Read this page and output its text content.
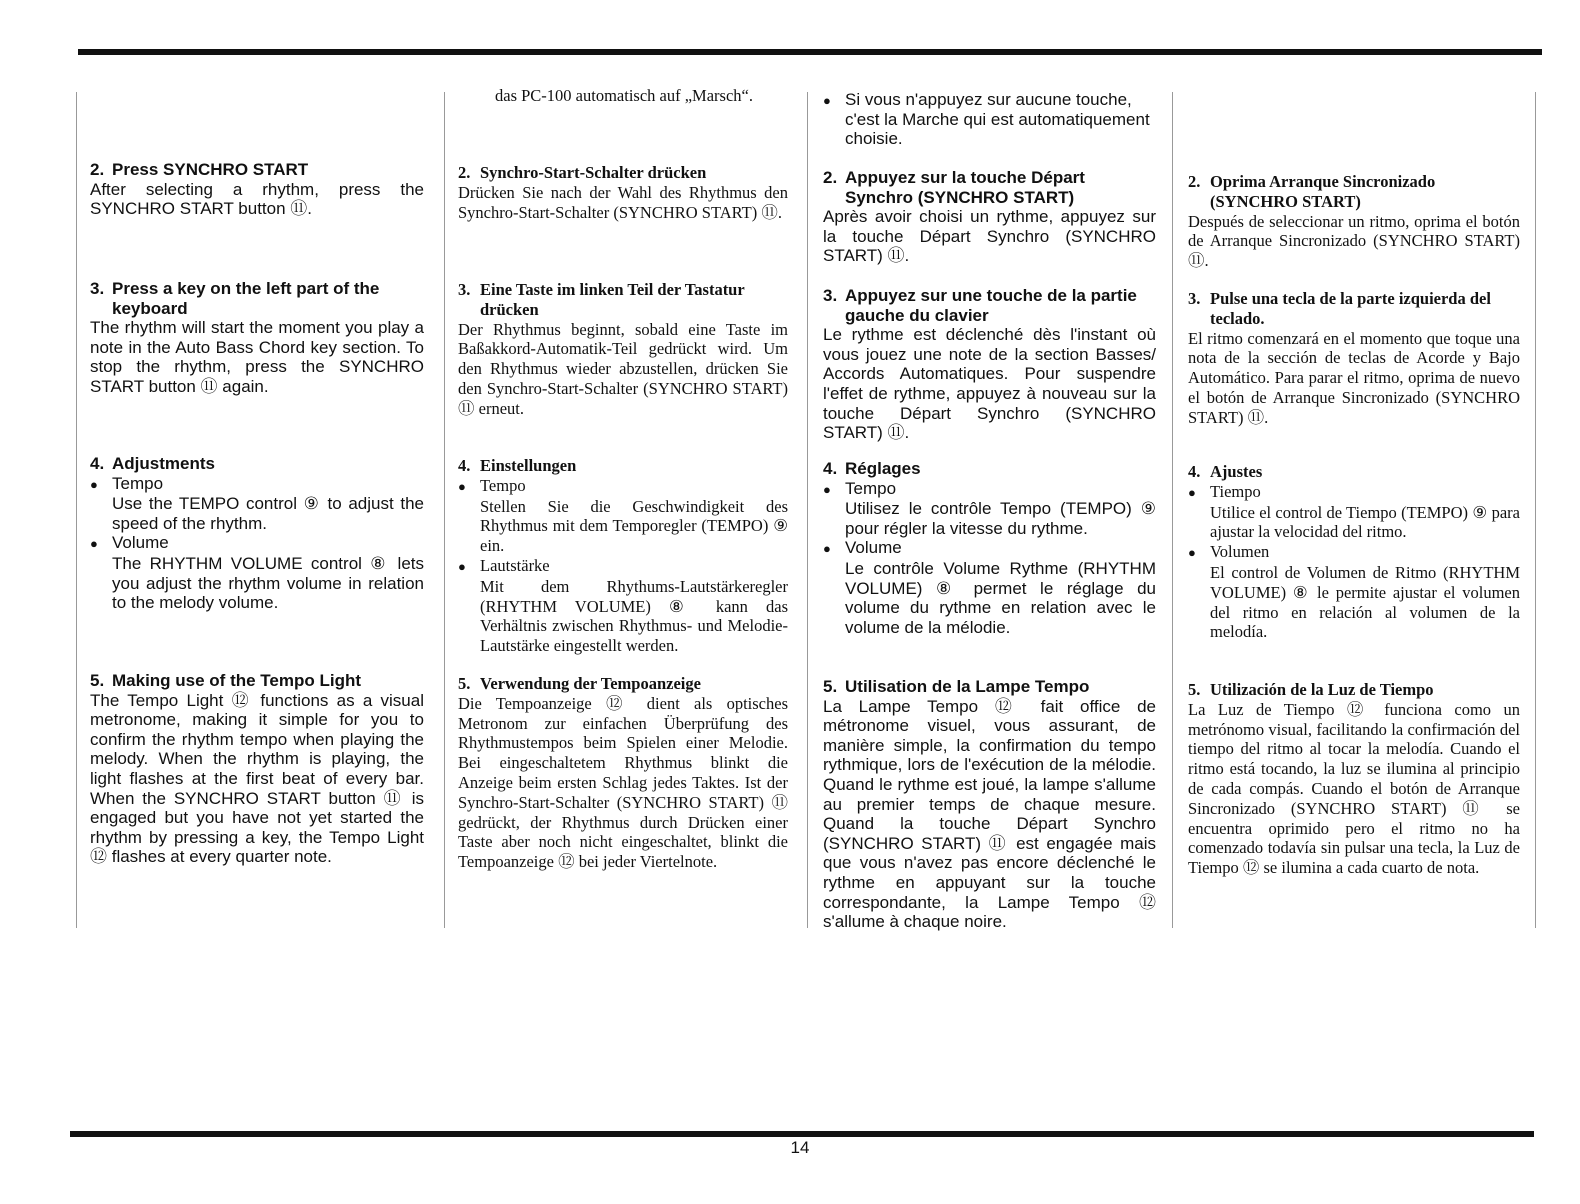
2. Press SYNCHRO START
After selecting a rhythm, press the SYNCHRO START button ⑪.
3. Press a key on the left part of the keyboard
The rhythm will start the moment you play a note in the Auto Bass Chord key section. To stop the rhythm, press the SYNCHRO START button ⑪ again.
4. Adjustments
●
Tempo
Use the TEMPO control ⑨ to adjust the speed of the rhythm.
●
Volume
The RHYTHM VOLUME control ⑧ lets you adjust the rhythm volume in relation to the melody volume.
5. Making use of the Tempo Light
The Tempo Light ⑫ functions as a visual metronome, making it simple for you to confirm the rhythm tempo when playing the melody. When the rhythm is playing, the light flashes at the first beat of every bar. When the SYNCHRO START button ⑪ is engaged but you have not yet started the rhythm by pressing a key, the Tempo Light ⑫ flashes at every quarter note.
das PC-100 automatisch auf „Marsch“.
2. Synchro-Start-Schalter drücken
Drücken Sie nach der Wahl des Rhythmus den Synchro-Start-Schalter (SYNCHRO START) ⑪.
3. Eine Taste im linken Teil der Tastatur drücken
Der Rhythmus beginnt, sobald eine Taste im Baßakkord-Automatik-Teil gedrückt wird. Um den Rhythmus wieder abzustellen, drücken Sie den Synchro-Start-Schalter (SYNCHRO START) ⑪ erneut.
4. Einstellungen
●
Tempo
Stellen Sie die Geschwindigkeit des Rhythmus mit dem Temporegler (TEMPO) ⑨ ein.
●
Lautstärke
Mit dem Rhythums-Lautstärkeregler (RHYTHM VOLUME) ⑧ kann das Verhältnis zwischen Rhythmus- und Melodie-Lautstärke eingestellt werden.
5. Verwendung der Tempoanzeige
Die Tempoanzeige ⑫ dient als optisches Metronom zur einfachen Überprüfung des Rhythmustempos beim Spielen einer Melodie. Bei eingeschaltetem Rhythmus blinkt die Anzeige beim ersten Schlag jedes Taktes. Ist der Synchro-Start-Schalter (SYNCHRO START) ⑪ gedrückt, der Rhythmus durch Drücken einer Taste aber noch nicht eingeschaltet, blinkt die Tempoanzeige ⑫ bei jeder Viertelnote.
●
Si vous n'appuyez sur aucune touche, c'est la Marche qui est automatiquement choisie.
2. Appuyez sur la touche Départ Synchro (SYNCHRO START)
Après avoir choisi un rythme, appuyez sur la touche Départ Synchro (SYNCHRO START) ⑪.
3. Appuyez sur une touche de la partie gauche du clavier
Le rythme est déclenché dès l'instant où vous jouez une note de la section Basses/ Accords Automatiques. Pour suspendre l'effet de rythme, appuyez à nouveau sur la touche Départ Synchro (SYNCHRO START) ⑪.
4. Réglages
●
Tempo
Utilisez le contrôle Tempo (TEMPO) ⑨ pour régler la vitesse du rythme.
●
Volume
Le contrôle Volume Rythme (RHYTHM VOLUME) ⑧ permet le réglage du volume du rythme en relation avec le volume de la mélodie.
5. Utilisation de la Lampe Tempo
La Lampe Tempo ⑫ fait office de métronome visuel, vous assurant, de manière simple, la confirmation du tempo rythmique, lors de l'exécution de la mélodie. Quand le rythme est joué, la lampe s'allume au premier temps de chaque mesure. Quand la touche Départ Synchro (SYNCHRO START) ⑪ est engagée mais que vous n'avez pas encore déclenché le rythme en appuyant sur la touche correspondante, la Lampe Tempo ⑫ s'allume à chaque noire.
2. Oprima Arranque Sincronizado (SYNCHRO START)
Después de seleccionar un ritmo, oprima el botón de Arranque Sincronizado (SYNCHRO START) ⑪.
3. Pulse una tecla de la parte izquierda del teclado.
El ritmo comenzará en el momento que toque una nota de la sección de teclas de Acorde y Bajo Automático. Para parar el ritmo, oprima de nuevo el botón de Arranque Sincronizado (SYNCHRO START) ⑪.
4. Ajustes
●
Tiempo
Utilice el control de Tiempo (TEMPO) ⑨ para ajustar la velocidad del ritmo.
●
Volumen
El control de Volumen de Ritmo (RHYTHM VOLUME) ⑧ le permite ajustar el volumen del ritmo en relación al volumen de la melodía.
5. Utilización de la Luz de Tiempo
La Luz de Tiempo ⑫ funciona como un metrónomo visual, facilitando la confirmación del tiempo del ritmo al tocar la melodía. Cuando el ritmo está tocando, la luz se ilumina al principio de cada compás. Cuando el botón de Arranque Sincronizado (SYNCHRO START) ⑪ se encuentra oprimido pero el ritmo no ha comenzado todavía sin pulsar una tecla, la Luz de Tiempo ⑫ se ilumina a cada cuarto de nota.
14
